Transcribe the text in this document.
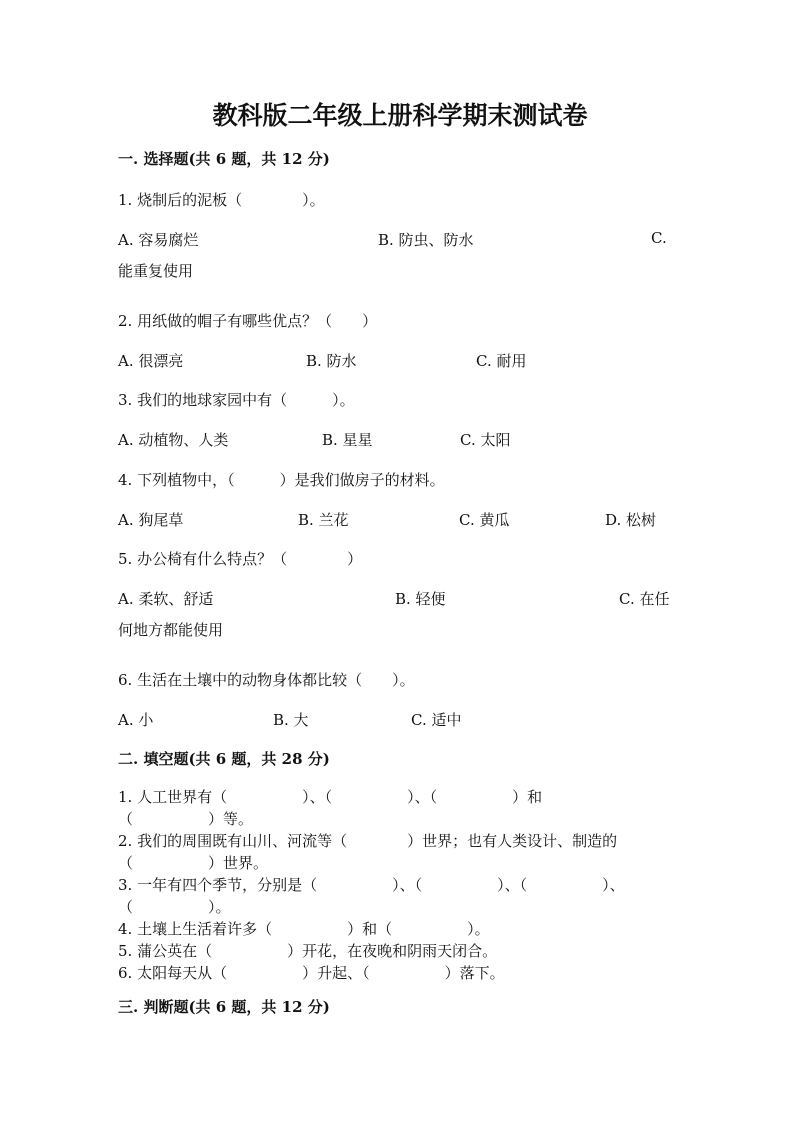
教科版二年级上册科学期末测试卷
一. 选择题(共 6 题，共 12 分)
1. 烧制后的泥板（　　　　）。
A. 容易腐烂	B. 防虫、防水	C.
能重复使用
2. 用纸做的帽子有哪些优点？（　　）
A. 很漂亮	B. 防水	C. 耐用
3. 我们的地球家园中有（　　　）。
A. 动植物、人类	B. 星星	C. 太阳
4. 下列植物中，（　　　）是我们做房子的材料。
A. 狗尾草	B. 兰花	C. 黄瓜	D. 松树
5. 办公椅有什么特点？（　　　　）
A. 柔软、舒适	B. 轻便	C. 在任
何地方都能使用
6. 生活在土壤中的动物身体都比较（　　）。
A. 小	B. 大	C. 适中
二. 填空题(共 6 题，共 28 分)
1. 人工世界有（　　　　　）、（　　　　　）、（　　　　　）和
（　　　　　）等。
2. 我们的周围既有山川、河流等（　　　　）世界；也有人类设计、制造的
（　　　　　）世界。
3. 一年有四个季节，分别是（　　　　　）、（　　　　　）、（　　　　　）、
（　　　　　）。
4. 土壤上生活着许多（　　　　　）和（　　　　　）。
5. 蒲公英在（　　　　　）开花，在夜晚和阴雨天闭合。
6. 太阳每天从（　　　　　）升起、（　　　　　）落下。
三. 判断题(共 6 题，共 12 分)
